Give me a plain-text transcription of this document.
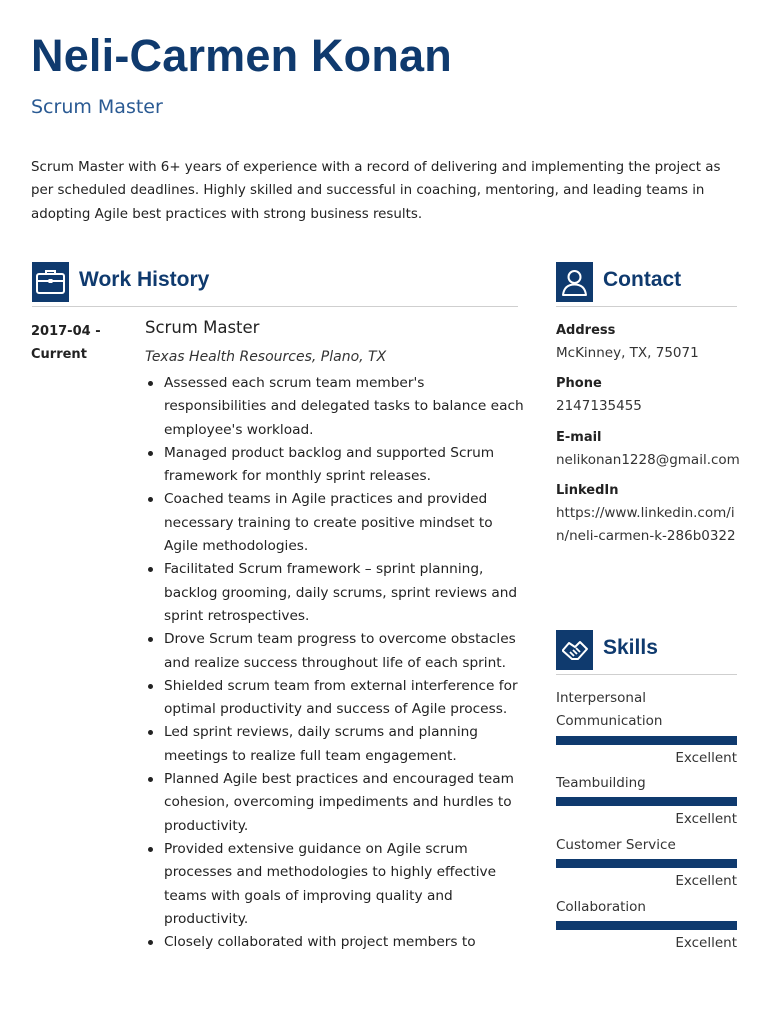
Neli-Carmen Konan
Scrum Master
Scrum Master with 6+ years of experience with a record of delivering and implementing the project as per scheduled deadlines. Highly skilled and successful in coaching, mentoring, and leading teams in adopting Agile best practices with strong business results.
Work History
2017-04 -
Current
Scrum Master
Texas Health Resources, Plano, TX
Assessed each scrum team member's responsibilities and delegated tasks to balance each employee's workload.
Managed product backlog and supported Scrum framework for monthly sprint releases.
Coached teams in Agile practices and provided necessary training to create positive mindset to Agile methodologies.
Facilitated Scrum framework – sprint planning, backlog grooming, daily scrums, sprint reviews and sprint retrospectives.
Drove Scrum team progress to overcome obstacles and realize success throughout life of each sprint.
Shielded scrum team from external interference for optimal productivity and success of Agile process.
Led sprint reviews, daily scrums and planning meetings to realize full team engagement.
Planned Agile best practices and encouraged team cohesion, overcoming impediments and hurdles to productivity.
Provided extensive guidance on Agile scrum processes and methodologies to highly effective teams with goals of improving quality and productivity.
Closely collaborated with project members to
Contact
Address
McKinney, TX, 75071
Phone
2147135455
E-mail
nelikonan1228@gmail.com
LinkedIn
https://www.linkedin.com/in/neli-carmen-k-286b0322
Skills
Interpersonal Communication
Excellent
Teambuilding
Excellent
Customer Service
Excellent
Collaboration
Excellent
